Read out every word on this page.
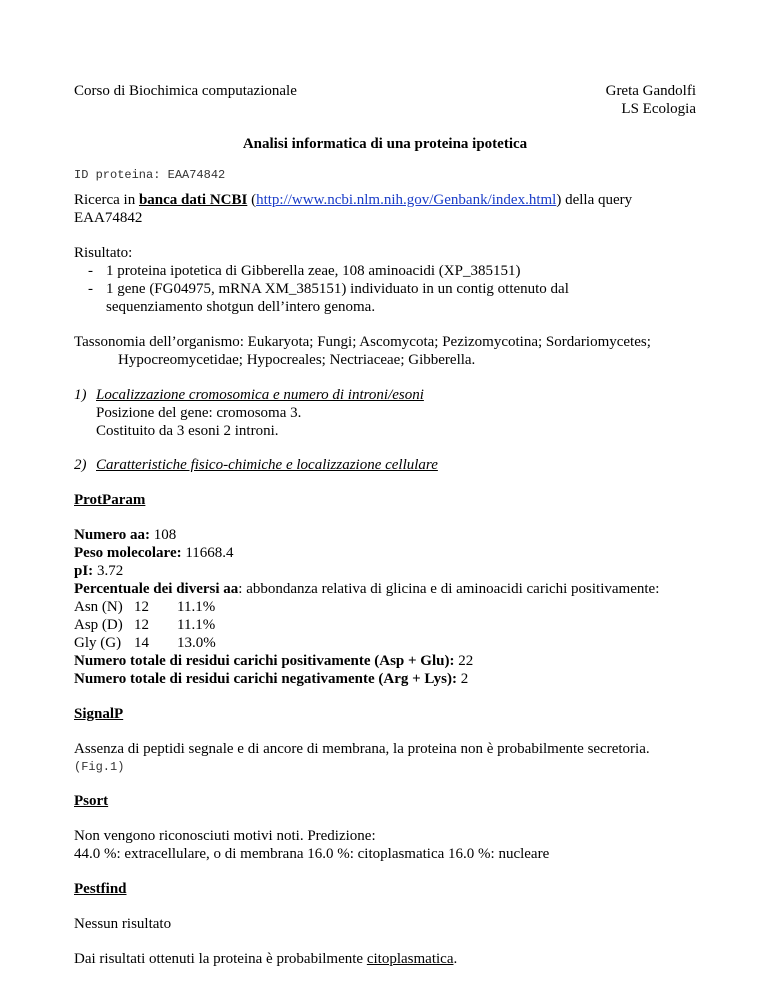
Corso di Biochimica computazionale	Greta Gandolfi
LS Ecologia
Analisi informatica di una proteina ipotetica
ID proteina: EAA74842
Ricerca in banca dati NCBI (http://www.ncbi.nlm.nih.gov/Genbank/index.html) della query
EAA74842
Risultato:
- 1 proteina ipotetica di Gibberella zeae, 108 aminoacidi (XP_385151)
- 1 gene (FG04975, mRNA XM_385151) individuato in un contig ottenuto dal
sequenziamento shotgun dell’intero genoma.
Tassonomia dell’organismo: Eukaryota; Fungi; Ascomycota; Pezizomycotina; Sordariomycetes;
Hypocreomycetidae; Hypocreales; Nectriaceae; Gibberella.
1) Localizzazione cromosomica e numero di introni/esoni
Posizione del gene: cromosoma 3.
Costituito da 3 esoni 2 introni.
2) Caratteristiche fisico-chimiche e localizzazione cellulare
ProtParam
Numero aa: 108
Peso molecolare: 11668.4
pI: 3.72
Percentuale dei diversi aa: abbondanza relativa di glicina e di aminoacidi carichi positivamente:
Asn (N) 12 11.1%
Asp (D) 12 11.1%
Gly (G) 14 13.0%
Numero totale di residui carichi positivamente (Asp + Glu): 22
Numero totale di residui carichi negativamente (Arg + Lys): 2
SignalP
Assenza di peptidi segnale e di ancore di membrana, la proteina non è probabilmente secretoria.
(Fig.1)
Psort
Non vengono riconosciuti motivi noti. Predizione:
44.0 %: extracellulare, o di membrana 16.0 %: citoplasmatica 16.0 %: nucleare
Pestfind
Nessun risultato
Dai risultati ottenuti la proteina è probabilmente citoplasmatica.
